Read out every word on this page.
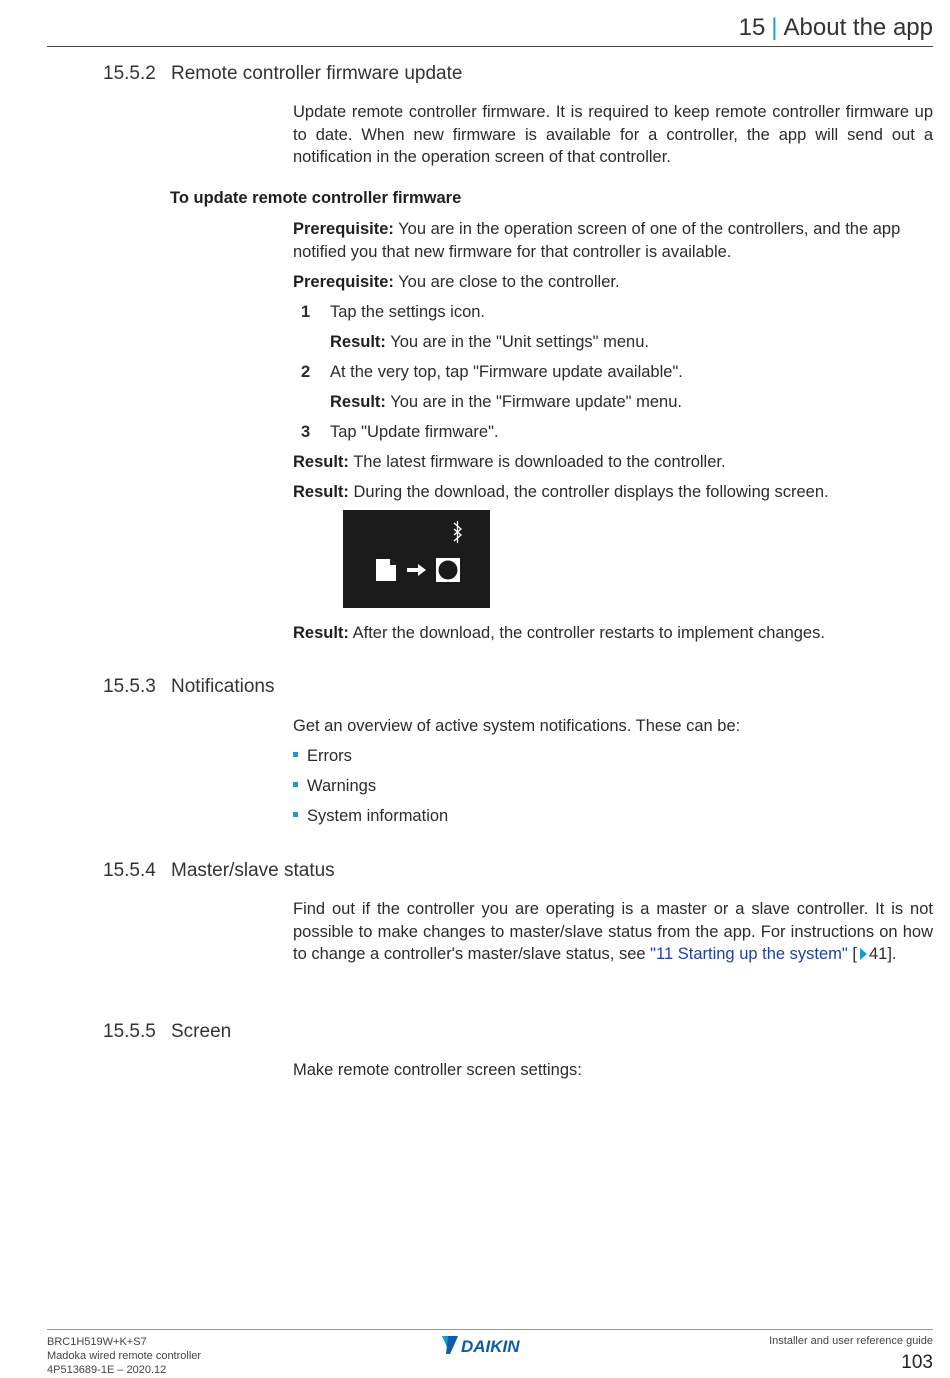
15 | About the app
15.5.2 Remote controller firmware update
Update remote controller firmware. It is required to keep remote controller firmware up to date. When new firmware is available for a controller, the app will send out a notification in the operation screen of that controller.
To update remote controller firmware
Prerequisite: You are in the operation screen of one of the controllers, and the app notified you that new firmware for that controller is available.
Prerequisite: You are close to the controller.
1 Tap the settings icon.
Result: You are in the "Unit settings" menu.
2 At the very top, tap "Firmware update available".
Result: You are in the "Firmware update" menu.
3 Tap "Update firmware".
Result: The latest firmware is downloaded to the controller.
Result: During the download, the controller displays the following screen.
Result: After the download, the controller restarts to implement changes.
15.5.3 Notifications
Get an overview of active system notifications. These can be:
Errors
Warnings
System information
15.5.4 Master/slave status
Find out if the controller you are operating is a master or a slave controller. It is not possible to make changes to master/slave status from the app. For instructions on how to change a controller's master/slave status, see "11 Starting up the system" [ 41].
15.5.5 Screen
Make remote controller screen settings:
BRC1H519W+K+S7
Madoka wired remote controller
4P513689-1E – 2020.12
DAIKIN	Installer and user reference guide
103
